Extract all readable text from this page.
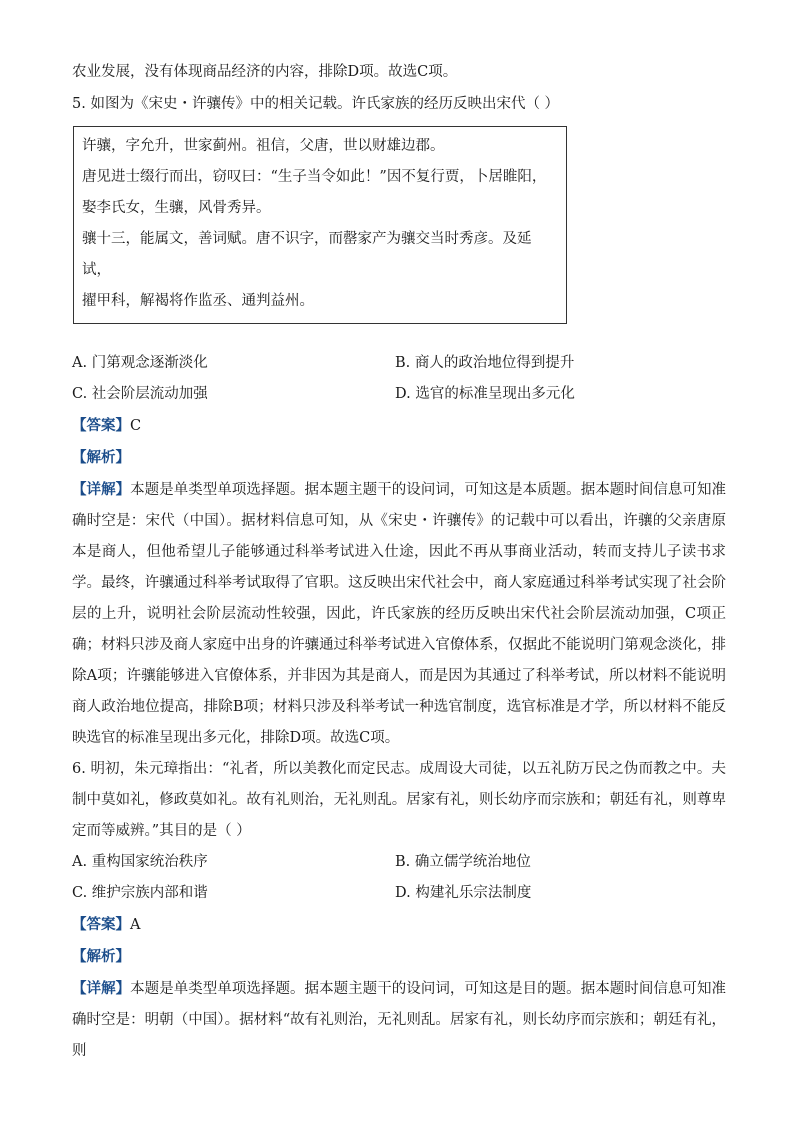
农业发展，没有体现商品经济的内容，排除D项。故选C项。
5. 如图为《宋史・许骧传》中的相关记载。许氏家族的经历反映出宋代（ ）

许骧，字允升，世家蓟州。祖信，父唐，世以财雄边郡。

唐见进士缀行而出，窃叹曰：“生子当令如此！”因不复行贾，卜居睢阳，

娶李氏女，生骧，风骨秀异。

骧十三，能属文，善词赋。唐不识字，而罄家产为骧交当时秀彦。及延试，

擢甲科，解褐将作监丞、通判益州。

A. 门第观念逐渐淡化	B. 商人的政治地位得到提升
C. 社会阶层流动加强	D. 选官的标准呈现出多元化
【答案】C
【解析】
【详解】本题是单类型单项选择题。据本题主题干的设问词，可知这是本质题。据本题时间信息可知准确时空是：宋代（中国）。据材料信息可知，从《宋史・许骧传》的记载中可以看出，许骧的父亲唐原本是商人，但他希望儿子能够通过科举考试进入仕途，因此不再从事商业活动，转而支持儿子读书求学。最终，许骧通过科举考试取得了官职。这反映出宋代社会中，商人家庭通过科举考试实现了社会阶层的上升，说明社会阶层流动性较强，因此，许氏家族的经历反映出宋代社会阶层流动加强，C项正确；材料只涉及商人家庭中出身的许骧通过科举考试进入官僚体系，仅据此不能说明门第观念淡化，排除A项；许骧能够进入官僚体系，并非因为其是商人，而是因为其通过了科举考试，所以材料不能说明商人政治地位提高，排除B项；材料只涉及科举考试一种选官制度，选官标准是才学，所以材料不能反映选官的标准呈现出多元化，排除D项。故选C项。
6. 明初，朱元璋指出：“礼者，所以美教化而定民志。成周设大司徒，以五礼防万民之伪而教之中。夫制中莫如礼，修政莫如礼。故有礼则治，无礼则乱。居家有礼，则长幼序而宗族和；朝廷有礼，则尊卑定而等威辨。”其目的是（ ）
A. 重构国家统治秩序	B. 确立儒学统治地位
C. 维护宗族内部和谐	D. 构建礼乐宗法制度
【答案】A
【解析】
【详解】本题是单类型单项选择题。据本题主题干的设问词，可知这是目的题。据本题时间信息可知准确时空是：明朝（中国）。据材料“故有礼则治，无礼则乱。居家有礼，则长幼序而宗族和；朝廷有礼，则
